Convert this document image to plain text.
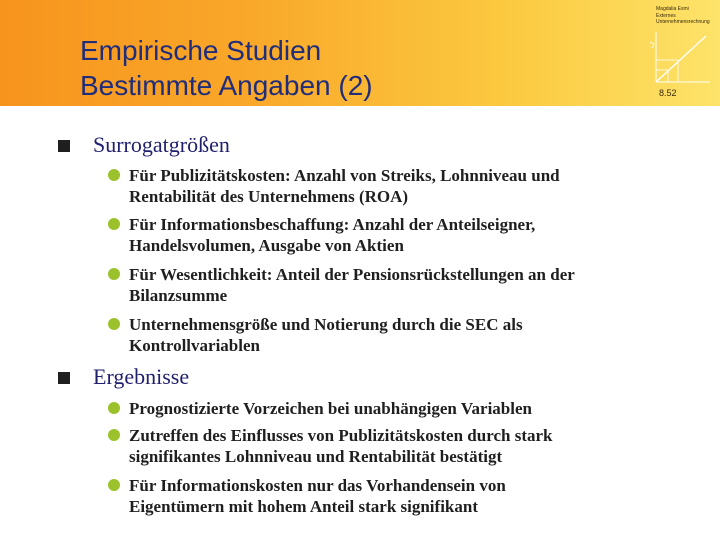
Empirische Studien
Bestimmte Angaben (2)
Magdalia Esmi
Externes
Unternehmensrechnung
8.52
Surrogatgrößen
Für Publizitätskosten: Anzahl von Streiks, Lohnniveau und
Rentabilität des Unternehmens (ROA)
Für Informationsbeschaffung: Anzahl der Anteilseigner,
Handelsvolumen, Ausgabe von Aktien
Für Wesentlichkeit: Anteil der Pensionsrückstellungen an der
Bilanzsumme
Unternehmensgröße und Notierung durch die SEC als
Kontrollvariablen
Ergebnisse
Prognostizierte Vorzeichen bei unabhängigen Variablen
Zutreffen des Einflusses von Publizitätskosten durch stark
signifikantes Lohnniveau und Rentabilität bestätigt
Für Informationskosten nur das Vorhandensein von
Eigentümern mit hohem Anteil stark signifikant
